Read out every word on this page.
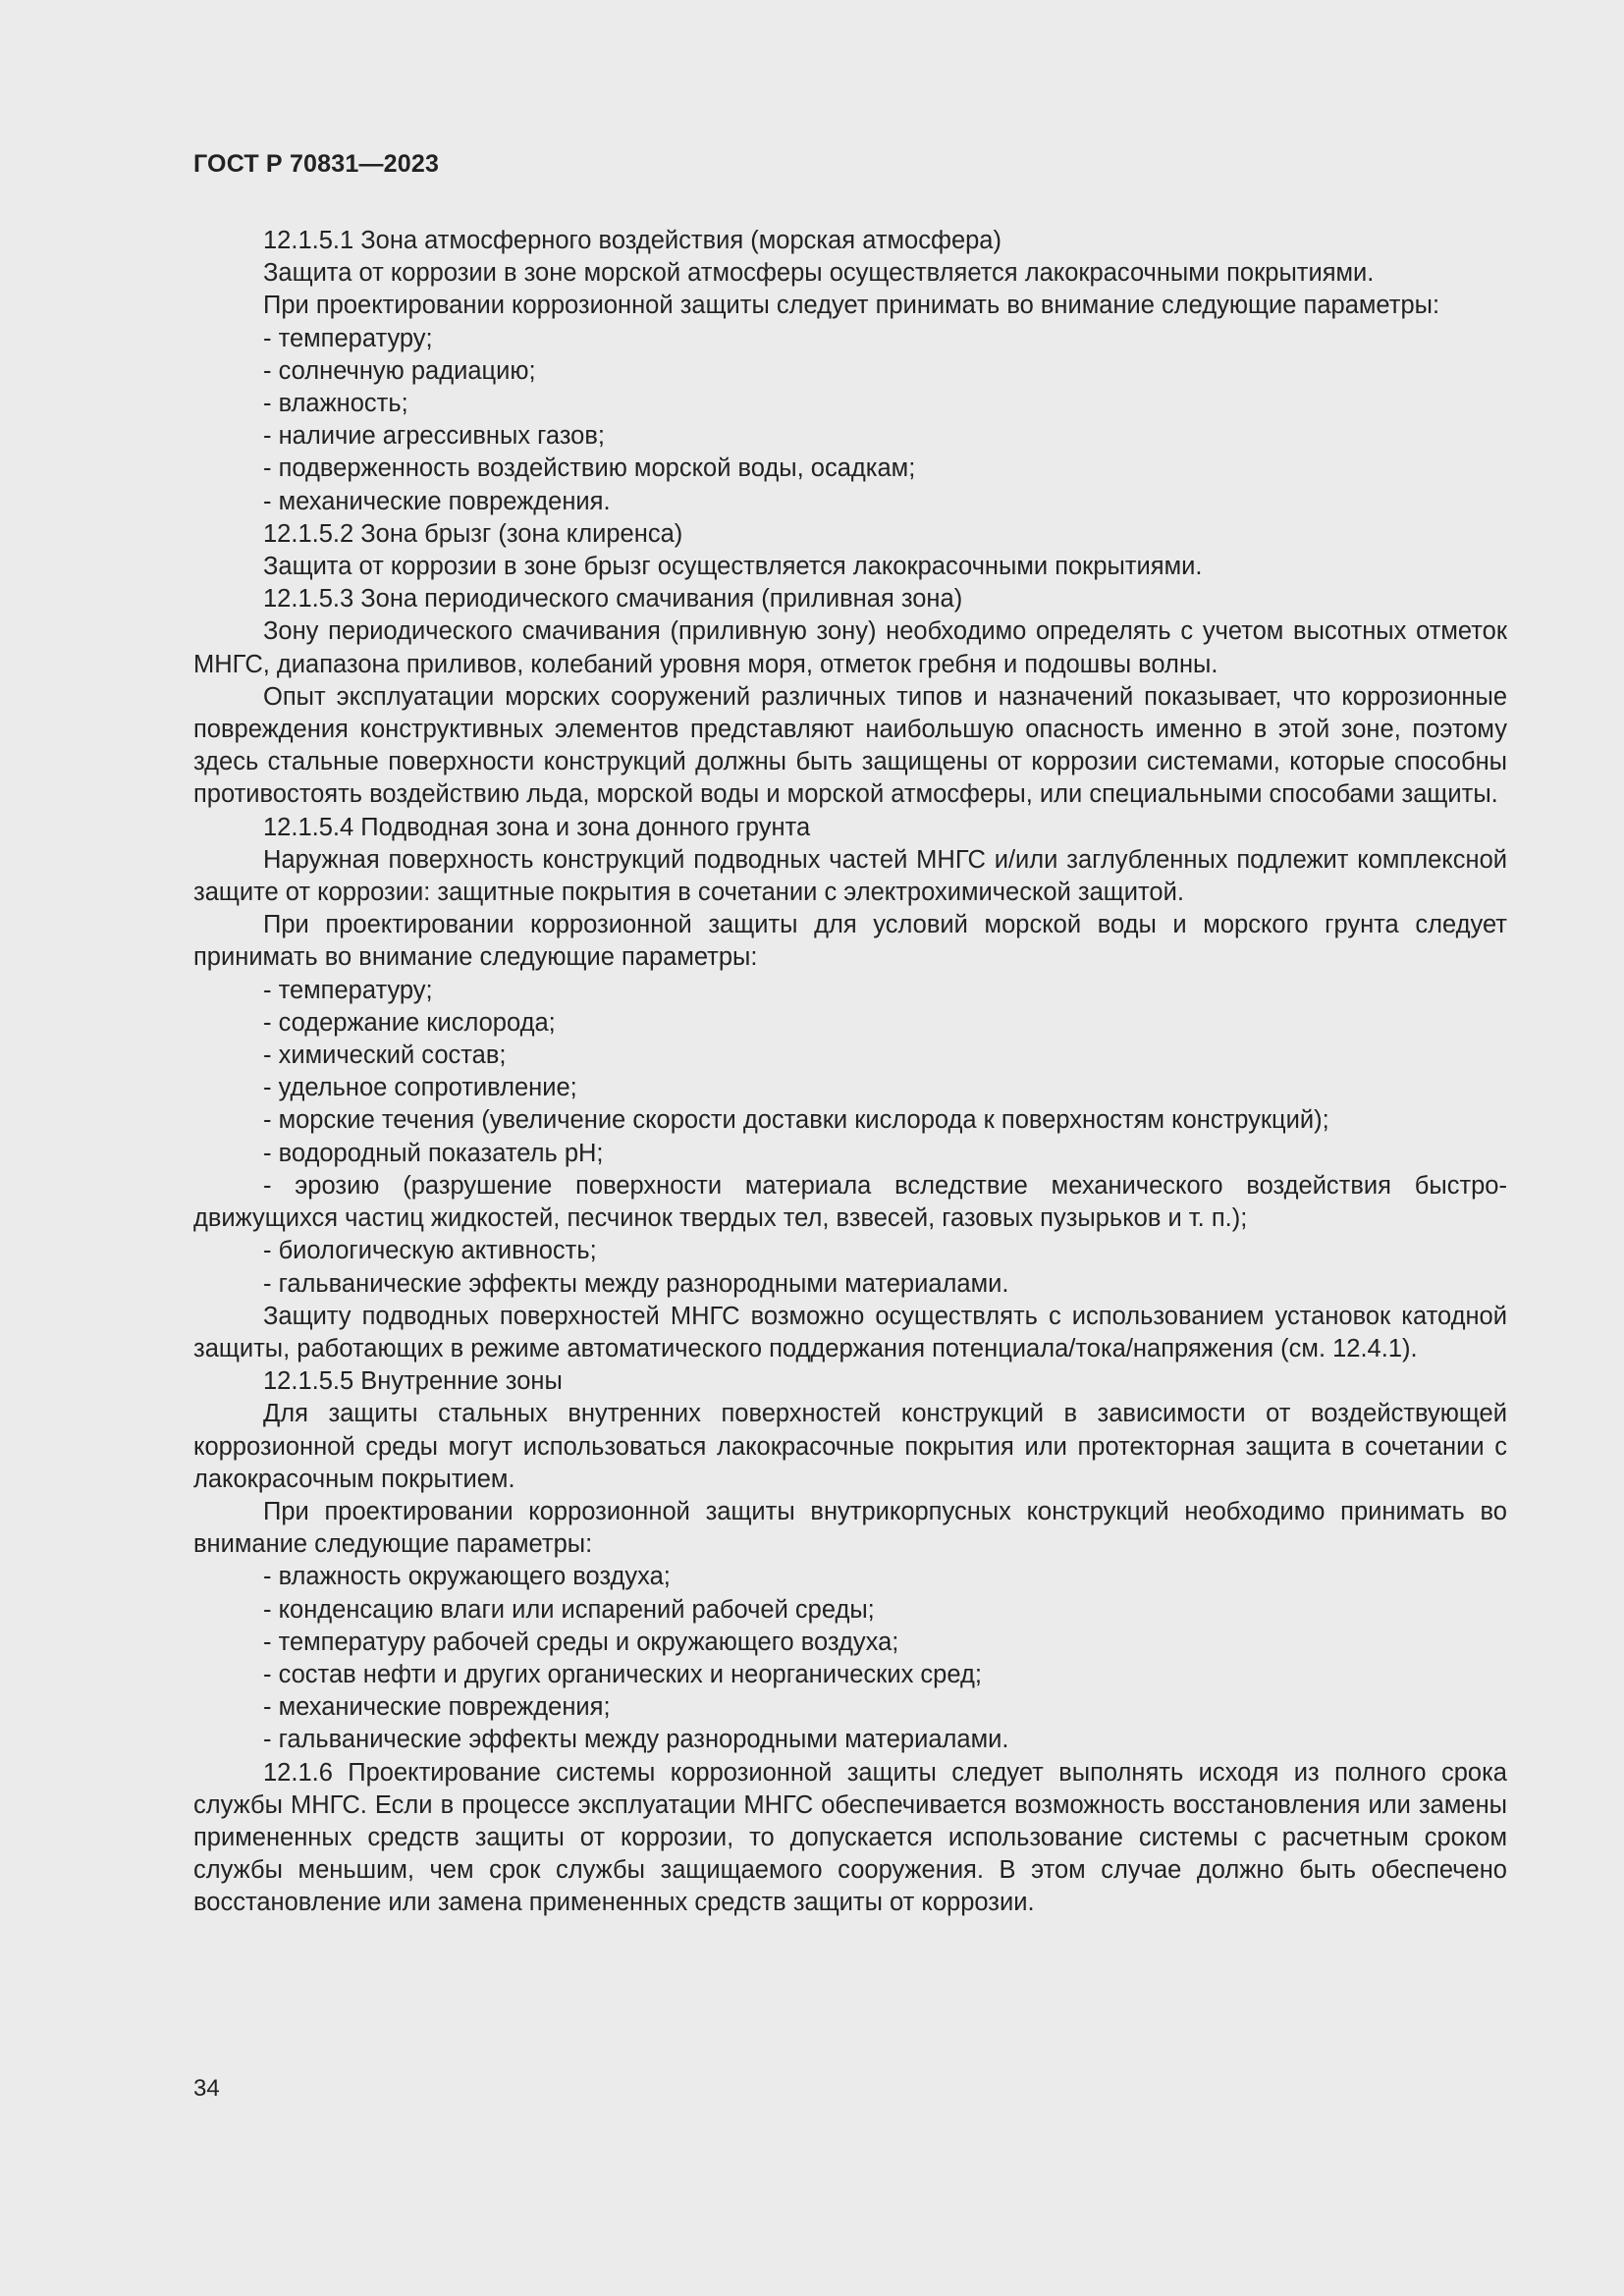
ГОСТ Р 70831—2023

12.1.5.1 Зона атмосферного воздействия (морская атмосфера)

Защита от коррозии в зоне морской атмосферы осуществляется лакокрасочными покрытиями.

При проектировании коррозионной защиты следует принимать во внимание следующие параметры:

- температуру;

- солнечную радиацию;

- влажность;

- наличие агрессивных газов;

- подверженность воздействию морской воды, осадкам;

- механические повреждения.

12.1.5.2 Зона брызг (зона клиренса)

Защита от коррозии в зоне брызг осуществляется лакокрасочными покрытиями.

12.1.5.3 Зона периодического смачивания (приливная зона)

Зону периодического смачивания (приливную зону) необходимо определять с учетом высотных отметок МНГС, диапазона приливов, колебаний уровня моря, отметок гребня и подошвы волны.

Опыт эксплуатации морских сооружений различных типов и назначений показывает, что коррозионные повреждения конструктивных элементов представляют наибольшую опасность именно в этой зоне, поэтому здесь стальные поверхности конструкций должны быть защищены от коррозии системами, которые способны противостоять воздействию льда, морской воды и морской атмосферы, или специальными способами защиты.

12.1.5.4 Подводная зона и зона донного грунта

Наружная поверхность конструкций подводных частей МНГС и/или заглубленных подлежит комплексной защите от коррозии: защитные покрытия в сочетании с электрохимической защитой.

При проектировании коррозионной защиты для условий морской воды и морского грунта следует принимать во внимание следующие параметры:

- температуру;

- содержание кислорода;

- химический состав;

- удельное сопротивление;

- морские течения (увеличение скорости доставки кислорода к поверхностям конструкций);

- водородный показатель pH;

- эрозию (разрушение поверхности материала вследствие механического воздействия быстродвижущихся частиц жидкостей, песчинок твердых тел, взвесей, газовых пузырьков и т. п.);

- биологическую активность;

- гальванические эффекты между разнородными материалами.

Защиту подводных поверхностей МНГС возможно осуществлять с использованием установок катодной защиты, работающих в режиме автоматического поддержания потенциала/тока/напряжения (см. 12.4.1).

12.1.5.5 Внутренние зоны

Для защиты стальных внутренних поверхностей конструкций в зависимости от воздействующей коррозионной среды могут использоваться лакокрасочные покрытия или протекторная защита в сочетании с лакокрасочным покрытием.

При проектировании коррозионной защиты внутрикорпусных конструкций необходимо принимать во внимание следующие параметры:

- влажность окружающего воздуха;

- конденсацию влаги или испарений рабочей среды;

- температуру рабочей среды и окружающего воздуха;

- состав нефти и других органических и неорганических сред;

- механические повреждения;

- гальванические эффекты между разнородными материалами.

12.1.6 Проектирование системы коррозионной защиты следует выполнять исходя из полного срока службы МНГС. Если в процессе эксплуатации МНГС обеспечивается возможность восстановления или замены примененных средств защиты от коррозии, то допускается использование системы с расчетным сроком службы меньшим, чем срок службы защищаемого сооружения. В этом случае должно быть обеспечено восстановление или замена примененных средств защиты от коррозии.

34
